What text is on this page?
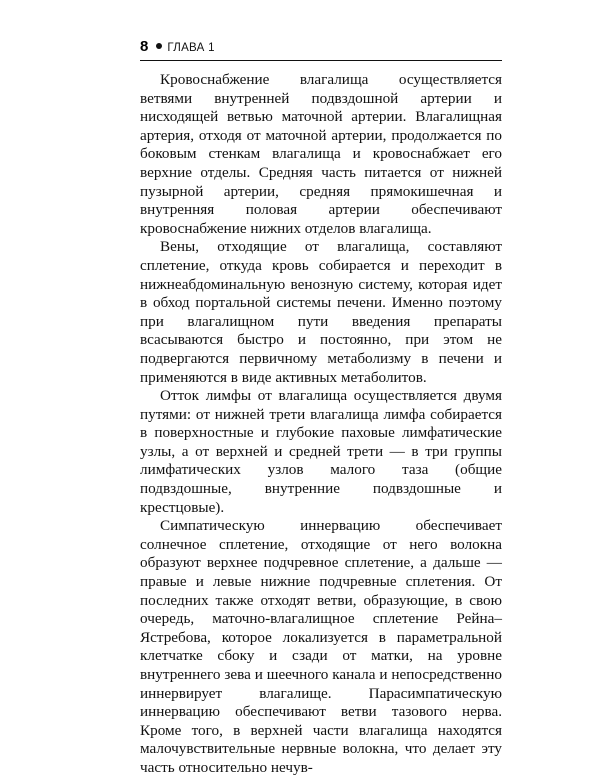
8 ГЛАВА 1

Кровоснабжение влагалища осуществляется ветвями внутренней подвздошной артерии и нисходящей ветвью маточной артерии. Влагалищная артерия, отходя от маточной артерии, продолжается по боковым стенкам влагалища и кровоснабжает его верхние отделы. Средняя часть питается от нижней пузырной артерии, средняя прямокишечная и внутренняя половая артерии обеспечивают кровоснабжение нижних отделов влагалища.

Вены, отходящие от влагалища, составляют сплетение, откуда кровь собирается и переходит в нижнеабдоминальную венозную систему, которая идет в обход портальной системы печени. Именно поэтому при влагалищном пути введения препараты всасываются быстро и постоянно, при этом не подвергаются первичному метаболизму в печени и применяются в виде активных метаболитов.

Отток лимфы от влагалища осуществляется двумя путями: от нижней трети влагалища лимфа собирается в поверхностные и глубокие паховые лимфатические узлы, а от верхней и средней трети — в три группы лимфатических узлов малого таза (общие подвздошные, внутренние подвздошные и крестцовые).

Симпатическую иннервацию обеспечивает солнечное сплетение, отходящие от него волокна образуют верхнее подчревное сплетение, а дальше — правые и левые нижние подчревные сплетения. От последних также отходят ветви, образующие, в свою очередь, маточно-влагалищное сплетение Рейна–Ястребова, которое локализуется в параметральной клетчатке сбоку и сзади от матки, на уровне внутреннего зева и шеечного канала и непосредственно иннервирует влагалище. Парасимпатическую иннервацию обеспечивают ветви тазового нерва. Кроме того, в верхней части влагалища находятся малочувствительные нервные волокна, что делает эту часть относительно нечув-
